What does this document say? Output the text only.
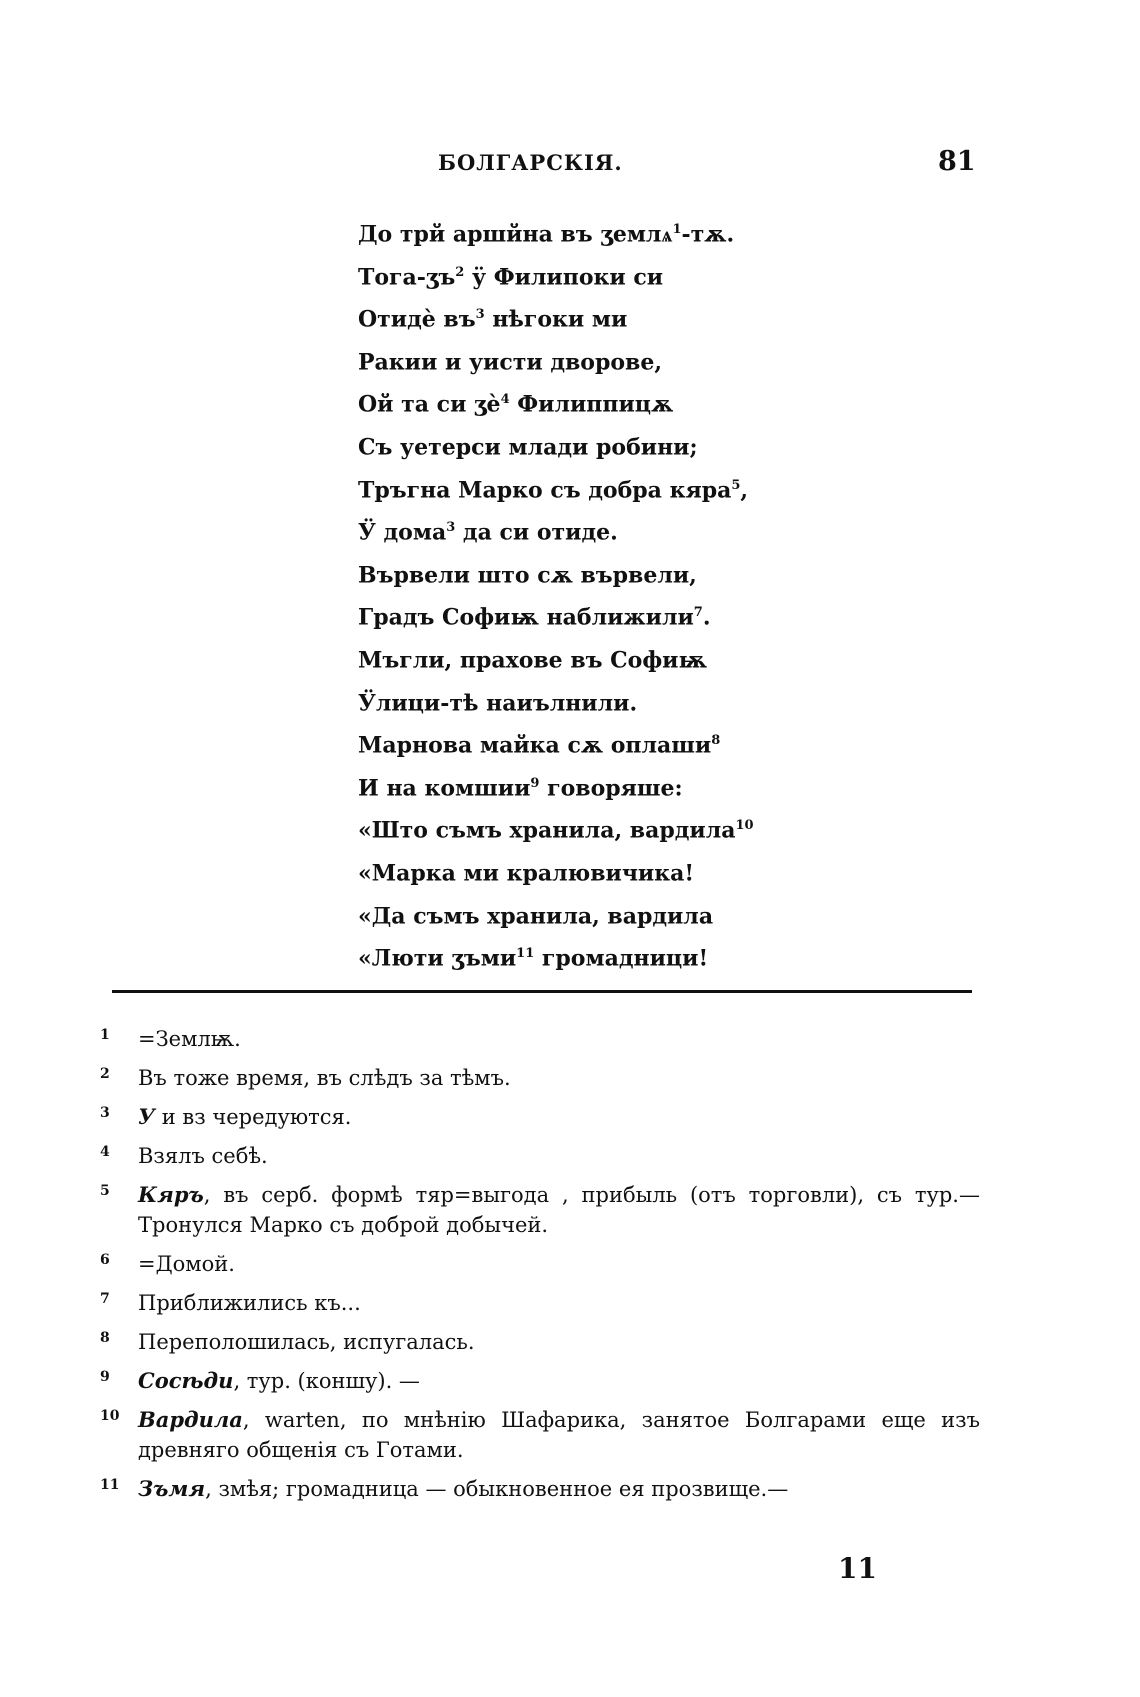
БОЛГАРСКІЯ.	81
До трй аршйна въ ӡемлѧ$^1$-тѫ.
Тога-$ӡъ^2$ ӱ Филипоки си
Отидѐ $въ^3$ нѣгоки ми
Ракии и уисти дворове,
Ой та си $ӡѐ^4$ Филиппицѫ
Съ уетерси млади робини;
Тръгна Марко съ добра кяра$^5$,
Ӱ дома$^3$ да си отиде.
Вървели што сѫ вървели,
Градъ Софиѭ наближили$^7$.
Мъгли, прахове въ Софиѭ
Ӱлици-тѣ наиълнили.
Марнова майка сѫ оплаши$^8$
И на комшии$^9$ говоряше:
«Што съмъ хранила, вардила$^{10}$
«Марка ми кралювичика!
«Да съмъ хранила, вардила
«Люти ӡъми$^{11}$ громадници!
1 =Землѭ.
2 Въ тоже время, въ слѣдъ за тѣмъ.
3 У и вз чередуются.
4 Взялъ себѣ.
5 Кяръ, въ серб. формѣ тяр=выгода , прибыль (отъ торговли), съ тур.— Тронулся Марко съ доброй добычей.
6 =Домой.
7 Приближились къ...
8 Переполошилась, испугалась.
9 Сосѣди, тур. (коншу). —
10 Вардила, warten, по мнѣнію Шафарика, занятое Болгарами еще изъ древняго общенія съ Готами.
11 Зъмя, змѣя; громадница — обыкновенное ея прозвище.—
11
